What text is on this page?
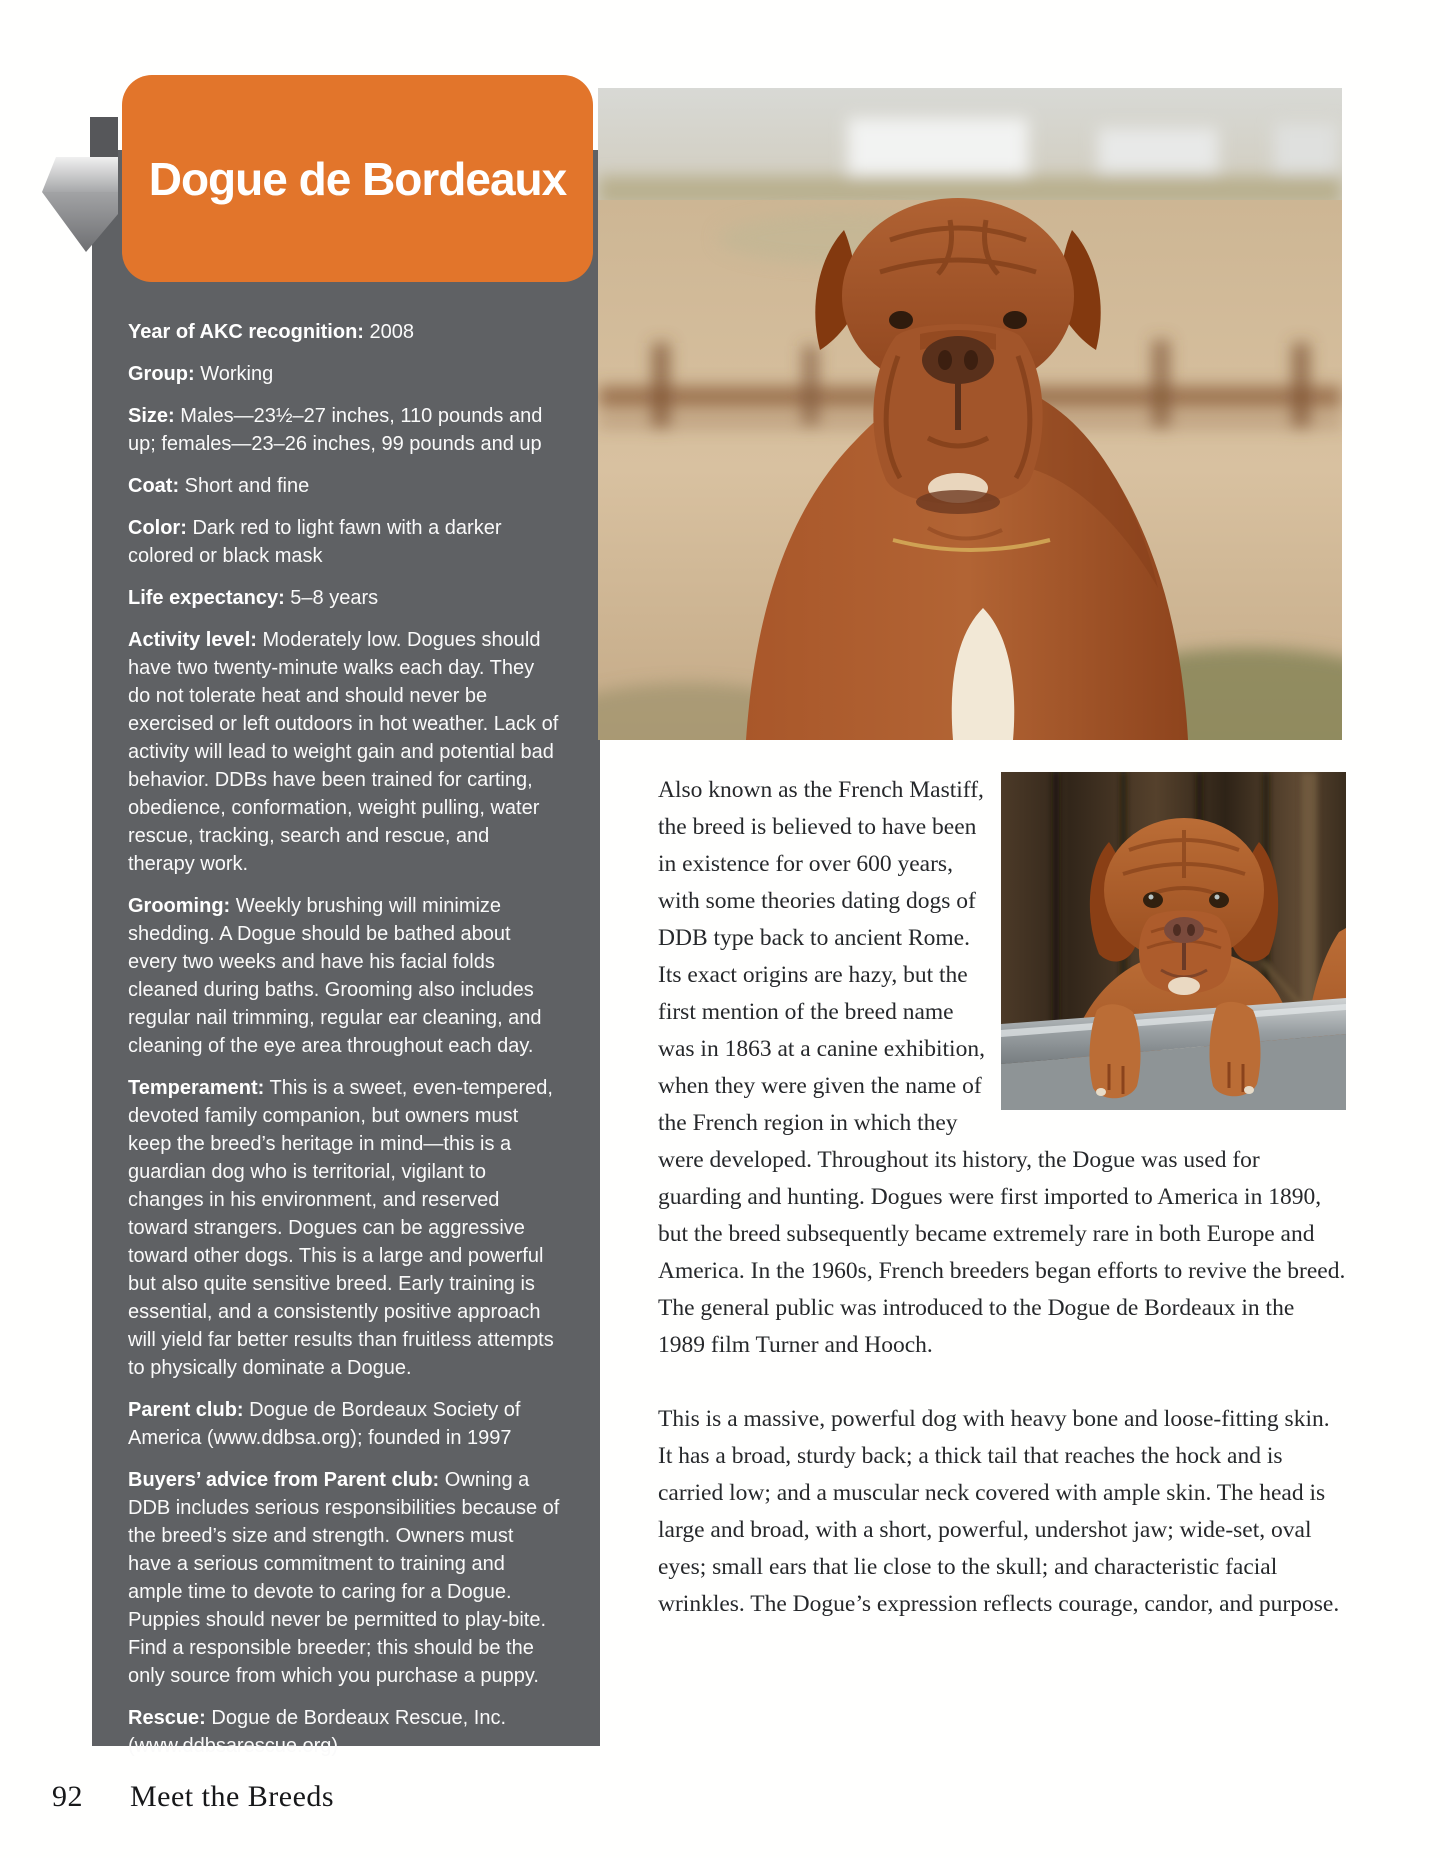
Year of AKC recognition: 2008

Group: Working

Size: Males—23½–27 inches, 110 pounds and up; females—23–26 inches, 99 pounds and up

Coat: Short and fine

Color: Dark red to light fawn with a darker colored or black mask

Life expectancy: 5–8 years

Activity level: Moderately low. Dogues should have two twenty-minute walks each day. They do not tolerate heat and should never be exercised or left outdoors in hot weather. Lack of activity will lead to weight gain and potential bad behavior. DDBs have been trained for carting, obedience, conformation, weight pulling, water rescue, tracking, search and rescue, and therapy work.

Grooming: Weekly brushing will minimize shedding. A Dogue should be bathed about every two weeks and have his facial folds cleaned during baths. Grooming also includes regular nail trimming, regular ear cleaning, and cleaning of the eye area throughout each day.

Temperament: This is a sweet, even-tempered, devoted family companion, but owners must keep the breed’s heritage in mind—this is a guardian dog who is territorial, vigilant to changes in his environment, and reserved toward strangers. Dogues can be aggressive toward other dogs. This is a large and powerful but also quite sensitive breed. Early training is essential, and a consistently positive approach will yield far better results than fruitless attempts to physically dominate a Dogue.

Parent club: Dogue de Bordeaux Society of America (www.ddbsa.org); founded in 1997

Buyers’ advice from Parent club: Owning a DDB includes serious responsibilities because of the breed’s size and strength. Owners must have a serious commitment to training and ample time to devote to caring for a Dogue. Puppies should never be permitted to play-bite. Find a responsible breeder; this should be the only source from which you purchase a puppy.

Rescue: Dogue de Bordeaux Rescue, Inc. (www.ddbsarescue.org)

Dogue de Bordeaux

Also known as the French Mastiff, the breed is believed to have been in existence for over 600 years, with some theories dating dogs of DDB type back to ancient Rome. Its exact origins are hazy, but the first mention of the breed name was in 1863 at a canine exhibition, when they were given the name of the French region in which they were developed. Throughout its history, the Dogue was used for guarding and hunting. Dogues were first imported to America in 1890, but the breed subsequently became extremely rare in both Europe and America. In the 1960s, French breeders began efforts to revive the breed. The general public was introduced to the Dogue de Bordeaux in the 1989 film Turner and Hooch.

This is a massive, powerful dog with heavy bone and loose-fitting skin. It has a broad, sturdy back; a thick tail that reaches the hock and is carried low; and a muscular neck covered with ample skin. The head is large and broad, with a short, powerful, undershot jaw; wide-set, oval eyes; small ears that lie close to the skull; and characteristic facial wrinkles. The Dogue’s expression reflects courage, candor, and purpose.

92 Meet the Breeds
